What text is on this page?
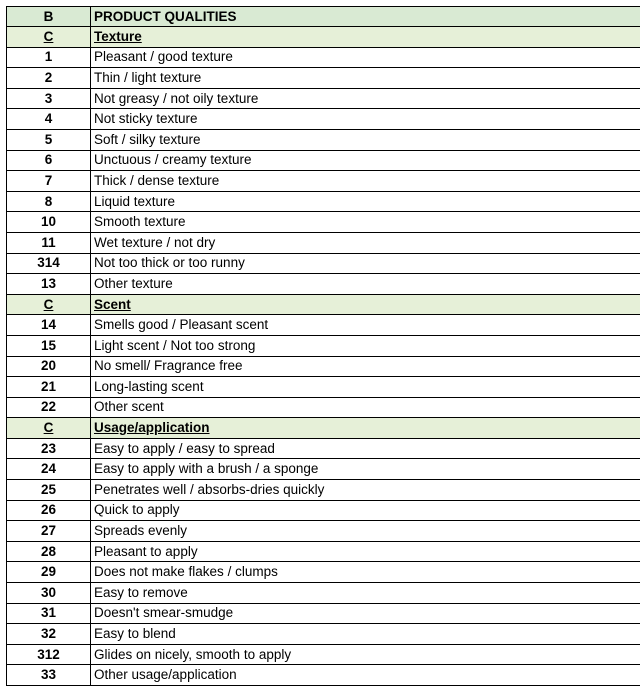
B	PRODUCT QUALITIES
C	Texture
1	Pleasant / good texture
2	Thin / light texture
3	Not greasy / not oily texture
4	Not sticky texture
5	Soft / silky texture
6	Unctuous / creamy texture
7	Thick / dense texture
8	Liquid texture
10	Smooth texture
11	Wet texture / not dry
314	Not too thick or too runny
13	Other texture
C	Scent
14	Smells good / Pleasant scent
15	Light scent / Not too strong
20	No smell/ Fragrance free
21	Long-lasting scent
22	Other scent
C	Usage/application
23	Easy to apply / easy to spread
24	Easy to apply with a brush / a sponge
25	Penetrates well / absorbs-dries quickly
26	Quick to apply
27	Spreads evenly
28	Pleasant to apply
29	Does not make flakes / clumps
30	Easy to remove
31	Doesn't smear-smudge
32	Easy to blend
312	Glides on nicely, smooth to apply
33	Other usage/application
